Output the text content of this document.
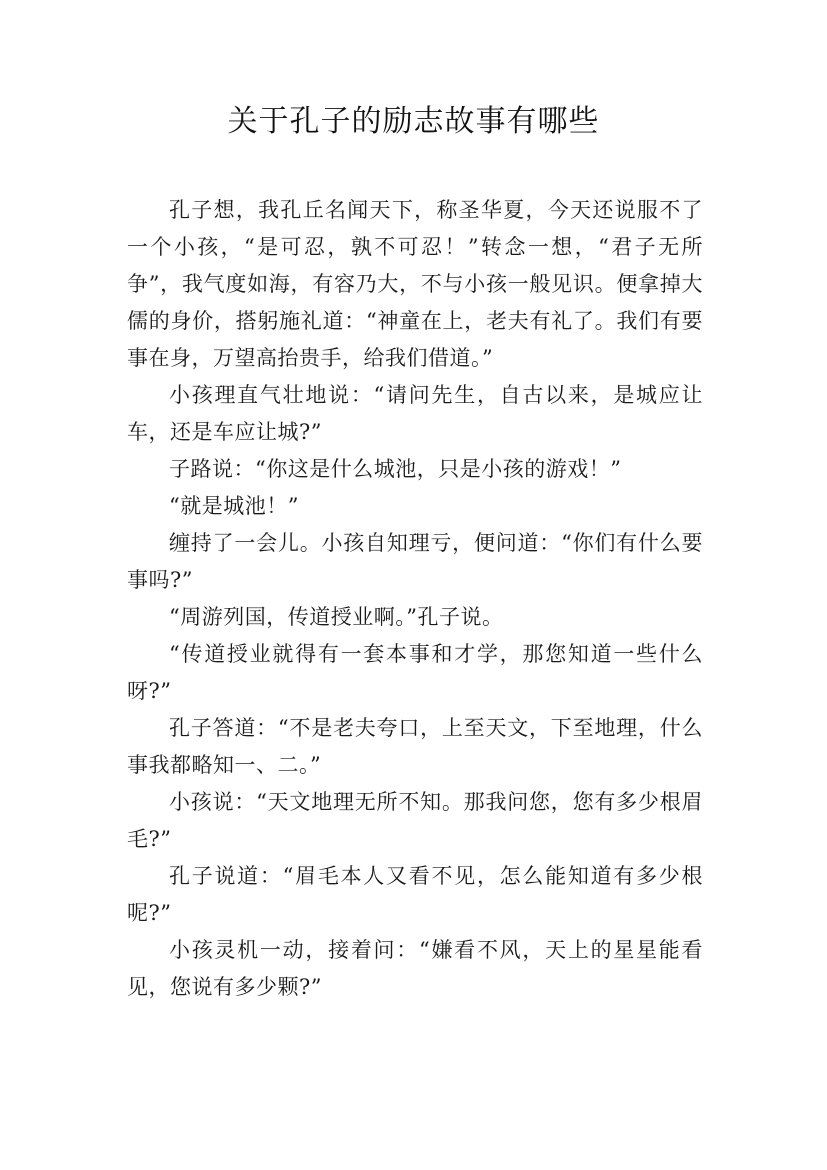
关于孔子的励志故事有哪些

孔子想，我孔丘名闻天下，称圣华夏，今天还说服不了一个小孩，“是可忍，孰不可忍！”转念一想，“君子无所争”，我气度如海，有容乃大，不与小孩一般见识。便拿掉大儒的身价，搭躬施礼道：“神童在上，老夫有礼了。我们有要事在身，万望高抬贵手，给我们借道。”

小孩理直气壮地说：“请问先生，自古以来，是城应让车，还是车应让城?”

子路说：“你这是什么城池，只是小孩的游戏！”

“就是城池！”

缠持了一会儿。小孩自知理亏，便问道：“你们有什么要事吗?”

“周游列国，传道授业啊。”孔子说。

“传道授业就得有一套本事和才学，那您知道一些什么呀?”

孔子答道：“不是老夫夸口，上至天文，下至地理，什么事我都略知一、二。”

小孩说：“天文地理无所不知。那我问您，您有多少根眉毛?”

孔子说道：“眉毛本人又看不见，怎么能知道有多少根呢?”

小孩灵机一动，接着问：“嫌看不风，天上的星星能看见，您说有多少颗?”
